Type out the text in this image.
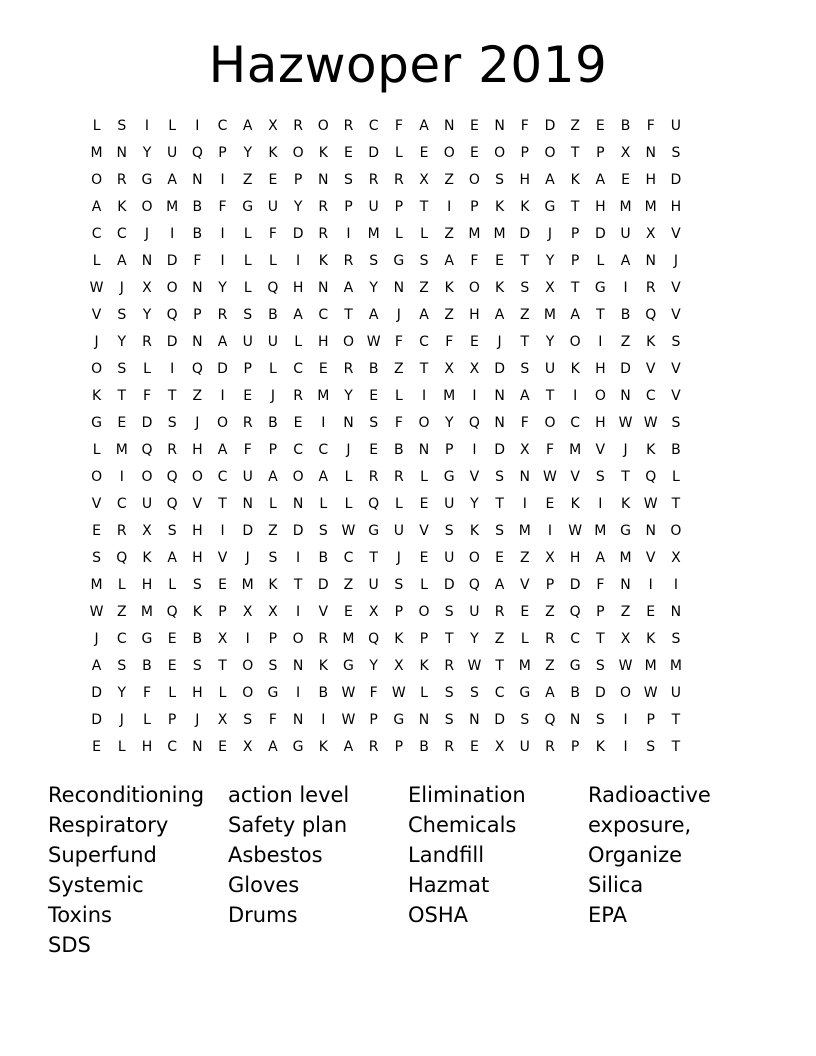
Hazwoper 2019
L	S	I	L	I	C	A	X	R	O	R	C	F	A	N	E	N	F	D	Z	E	B	F	U
M N	Y	U	Q	P	Y	K	O	K	E	D	L	E	O	E	O	P	O	T	P	X	N	S
O	R	G	A	N	I	Z	E	P	N	S	R	R	X	Z	O	S	H	A	K	A	E	H	D
A	K	O M	B	F	G	U	Y	R	P	U	P	T	I	P	K	K	G	T	H M M H
C	C	J	I	B	I	L	F	D	R	I	M	L	L	Z	M M D	J	P	D	U	X	V
L	A	N	D	F	I	L	L	I	K	R	S	G	S	A	F	E	T	Y	P	L	A	N	J
W	J	X	O	N	Y	L	Q	H	N	A	Y	N	Z	K	O	K	S	X	T	G	I	R	V
V	S	Y	Q	P	R	S	B	A	C	T	A	J	A	Z	H	A	Z	M	A	T	B	Q	V
J	Y	R	D	N	A	U	U	L	H	O W	F	C	F	E	J	T	Y	O	I	Z	K	S
O	S	L	I	Q	D	P	L	C	E	R	B	Z	T	X	X	D	S	U	K	H	D	V	V
K	T	F	T	Z	I	E	J	R	M	Y	E	L	I	M	I	N	A	T	I	O	N	C	V
G	E	D	S	J	O	R	B	E	I	N	S	F	O	Y	Q	N	F	O	C	H W W S
L	M Q	R	H	A	F	P	C	C	J	E	B	N	P	I	D	X	F	M	V	J	K	B
O	I	O	Q	O	C	U	A	O	A	L	R	R	L	G	V	S	N W V	S	T	Q	L
V	C	U	Q	V	T	N	L	N	L	L	Q	L	E	U	Y	T	I	E	K	I	K W T
E	R	X	S	H	I	D	Z	D	S W G	U	V	S	K	S	M	I	W M G	N	O
S	Q	K	A	H	V	J	S	I	B	C	T	J	E	U	O	E	Z	X	H	A	M	V	X
M	L	H	L	S	E	M	K	T	D	Z	U	S	L	D	Q	A	V	P	D	F	N	I	I
W Z	M Q	K	P	X	X	I	V	E	X	P	O	S	U	R	E	Z	Q	P	Z	E	N
J	C	G	E	B	X	I	P	O	R	M Q	K	P	T	Y	Z	L	R	C	T	X	K	S
A	S	B	E	S	T	O	S	N	K	G	Y	X	K	R W T	M	Z	G	S W M M
D	Y	F	L	H	L	O	G	I	B W	F	W	L	S	S	C	G	A	B	D	O W U
D	J	L	P	J	X	S	F	N	I	W	P	G	N	S	N	D	S	Q	N	S	I	P	T
E	L	H	C	N	E	X	A	G	K	A	R	P	B	R	E	X	U	R	P	K	I	S	T
Reconditioning	action level	Elimination	Radioactive
Respiratory	Safety plan	Chemicals	exposure,
Superfund	Asbestos	Landfill	Organize
Systemic	Gloves	Hazmat	Silica
Toxins	Drums	OSHA	EPA
SDS
